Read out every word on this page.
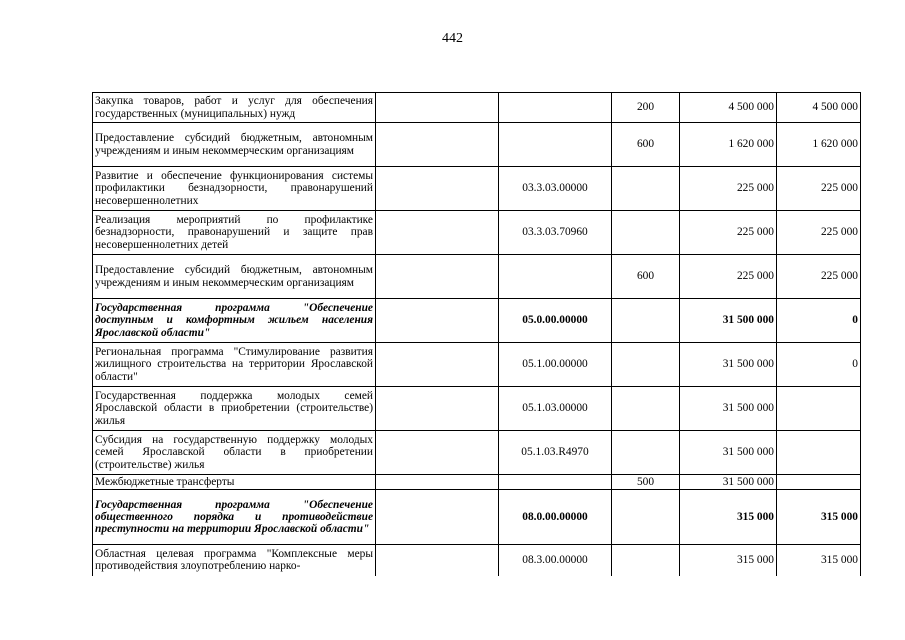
442
Закупка товаров, работ и услуг для обеспечения государственных (муниципальных) нужд			200	4 500 000	4 500 000
Предоставление субсидий бюджетным, автономным учреждениям и иным некоммерческим организациям			600	1 620 000	1 620 000
Развитие и обеспечение функционирования системы профилактики безнадзорности, правонарушений несовершеннолетних		03.3.03.00000		225 000	225 000
Реализация мероприятий по профилактике безнадзорности, правонарушений и защите прав несовершеннолетних детей		03.3.03.70960		225 000	225 000
Предоставление субсидий бюджетным, автономным учреждениям и иным некоммерческим организациям			600	225 000	225 000
Государственная программа "Обеспечение доступным и комфортным жильем населения Ярославской области"		05.0.00.00000		31 500 000	0
Региональная программа "Стимулирование развития жилищного строительства на территории Ярославской области"		05.1.00.00000		31 500 000	0
Государственная поддержка молодых семей Ярославской области в приобретении (строительстве) жилья		05.1.03.00000		31 500 000	
Субсидия на государственную поддержку молодых семей Ярославской области в приобретении (строительстве) жилья		05.1.03.R4970		31 500 000	
Межбюджетные трансферты			500	31 500 000	
Государственная программа "Обеспечение общественного порядка и противодействие преступности на территории Ярославской области"		08.0.00.00000		315 000	315 000
Областная целевая программа "Комплексные меры противодействия злоупотреблению нарко-		08.3.00.00000		315 000	315 000
